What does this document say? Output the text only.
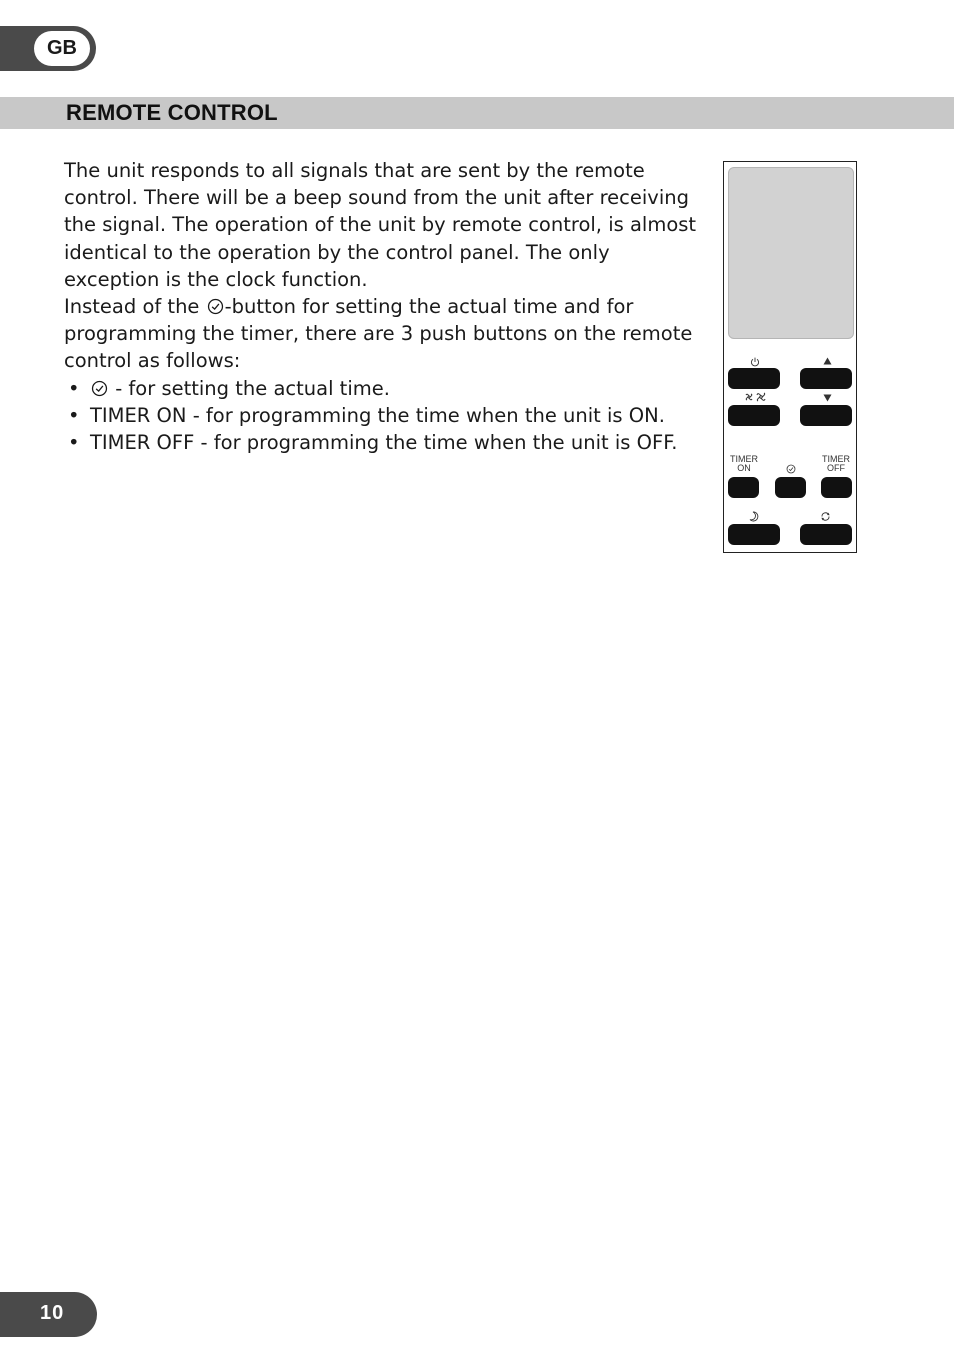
GB
REMOTE CONTROL

The unit responds to all signals that are sent by the remote control. There will be a beep sound from the unit after receiving the signal. The operation of the unit by remote control, is almost identical to the operation by the control panel. The only exception is the clock function.

Instead of the -button for setting the actual time and for programming the timer, there are 3 push buttons on the remote control as follows:

• - for setting the actual time.
• TIMER ON - for programming the time when the unit is ON.
• TIMER OFF - for programming the time when the unit is OFF.
TIMER
ON
TIMER
OFF
10
